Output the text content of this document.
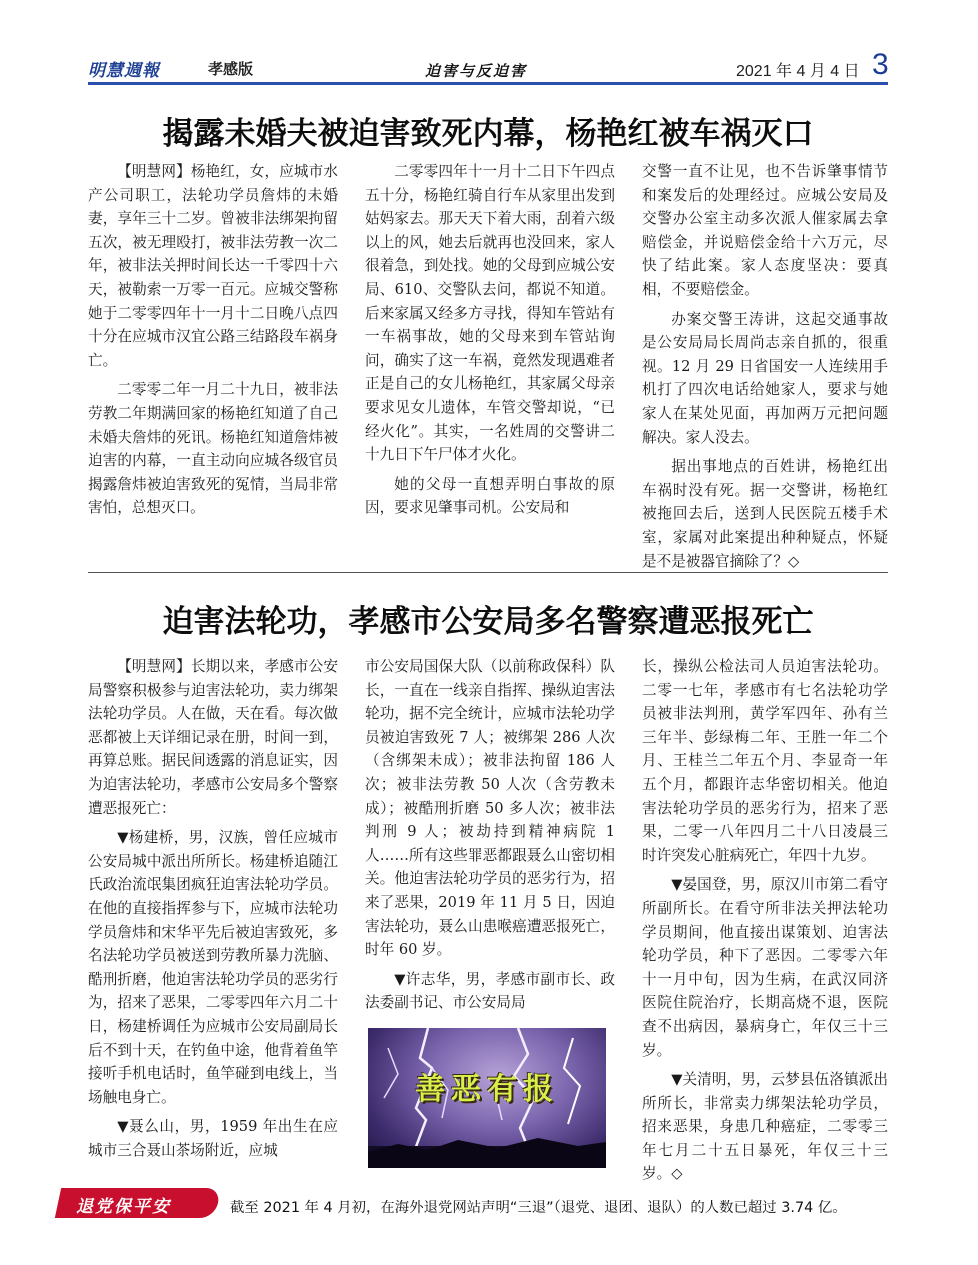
明慧週報	孝感版	迫害与反迫害	2021 年 4 月 4 日 3
揭露未婚夫被迫害致死内幕，杨艳红被车祸灭口

【明慧网】杨艳红，女，应城市水产公司职工，法轮功学员詹炜的未婚妻，享年三十二岁。曾被非法绑架拘留五次，被无理殴打，被非法劳教一次二年，被非法关押时间长达一千零四十六天，被勒索一万零一百元。应城交警称她于二零零四年十一月十二日晚八点四十分在应城市汉宜公路三结路段车祸身亡。

二零零二年一月二十九日，被非法劳教二年期满回家的杨艳红知道了自己未婚夫詹炜的死讯。杨艳红知道詹炜被迫害的内幕，一直主动向应城各级官员揭露詹炜被迫害致死的冤情，当局非常害怕，总想灭口。

二零零四年十一月十二日下午四点五十分，杨艳红骑自行车从家里出发到姑妈家去。那天天下着大雨，刮着六级以上的风，她去后就再也没回来，家人很着急，到处找。她的父母到应城公安局、610、交警队去问，都说不知道。后来家属又经多方寻找，得知车管站有一车祸事故，她的父母来到车管站询问，确实了这一车祸，竟然发现遇难者正是自己的女儿杨艳红，其家属父母亲要求见女儿遗体，车管交警却说，“已经火化”。其实，一名姓周的交警讲二十九日下午尸体才火化。

她的父母一直想弄明白事故的原因，要求见肇事司机。公安局和

交警一直不让见，也不告诉肇事情节和案发后的处理经过。应城公安局及交警办公室主动多次派人催家属去拿赔偿金，并说赔偿金给十六万元，尽快了结此案。家人态度坚决：要真相，不要赔偿金。

办案交警王涛讲，这起交通事故是公安局局长周尚志亲自抓的，很重视。12 月 29 日省国安一人连续用手机打了四次电话给她家人，要求与她家人在某处见面，再加两万元把问题解决。家人没去。

据出事地点的百姓讲，杨艳红出车祸时没有死。据一交警讲，杨艳红被拖回去后，送到人民医院五楼手术室，家属对此案提出种种疑点，怀疑是不是被器官摘除了？◇

迫害法轮功，孝感市公安局多名警察遭恶报死亡

【明慧网】长期以来，孝感市公安局警察积极参与迫害法轮功，卖力绑架法轮功学员。人在做，天在看。每次做恶都被上天详细记录在册，时间一到，再算总账。据民间透露的消息证实，因为迫害法轮功，孝感市公安局多个警察遭恶报死亡：

▼杨建桥，男，汉族，曾任应城市公安局城中派出所所长。杨建桥追随江氏政治流氓集团疯狂迫害法轮功学员。在他的直接指挥参与下，应城市法轮功学员詹炜和宋华平先后被迫害致死，多名法轮功学员被送到劳教所暴力洗脑、酷刑折磨，他迫害法轮功学员的恶劣行为，招来了恶果，二零零四年六月二十日，杨建桥调任为应城市公安局副局长后不到十天，在钓鱼中途，他背着鱼竿接听手机电话时，鱼竿碰到电线上，当场触电身亡。

▼聂么山，男，1959 年出生在应城市三合聂山茶场附近，应城

市公安局国保大队（以前称政保科）队长，一直在一线亲自指挥、操纵迫害法轮功，据不完全统计，应城市法轮功学员被迫害致死 7 人；被绑架 286 人次（含绑架未成）；被非法拘留 186 人次；被非法劳教 50 人次（含劳教未成）；被酷刑折磨 50 多人次；被非法判刑 9 人；被劫持到精神病院 1 人……所有这些罪恶都跟聂么山密切相关。他迫害法轮功学员的恶劣行为，招来了恶果，2019 年 11 月 5 日，因迫害法轮功，聂么山患喉癌遭恶报死亡，时年 60 岁。

▼许志华，男，孝感市副市长、政法委副书记、市公安局局

善恶有报

长，操纵公检法司人员迫害法轮功。二零一七年，孝感市有七名法轮功学员被非法判刑，黄学军四年、孙有兰三年半、彭绿梅二年、王胜一年二个月、王桂兰二年五个月、李显奇一年五个月，都跟许志华密切相关。他迫害法轮功学员的恶劣行为，招来了恶果，二零一八年四月二十八日凌晨三时许突发心脏病死亡，年四十九岁。

▼晏国登，男，原汉川市第二看守所副所长。在看守所非法关押法轮功学员期间，他直接出谋策划、迫害法轮功学员，种下了恶因。二零零六年十一月中旬，因为生病，在武汉同济医院住院治疗，长期高烧不退，医院查不出病因，暴病身亡，年仅三十三岁。

▼关清明，男，云梦县伍洛镇派出所所长，非常卖力绑架法轮功学员，招来恶果，身患几种癌症，二零零三年七月二十五日暴死，年仅三十三岁。◇

退党保平安	截至 2021 年 4 月初，在海外退党网站声明“三退”（退党、退团、退队）的人数已超过 3.74 亿。
